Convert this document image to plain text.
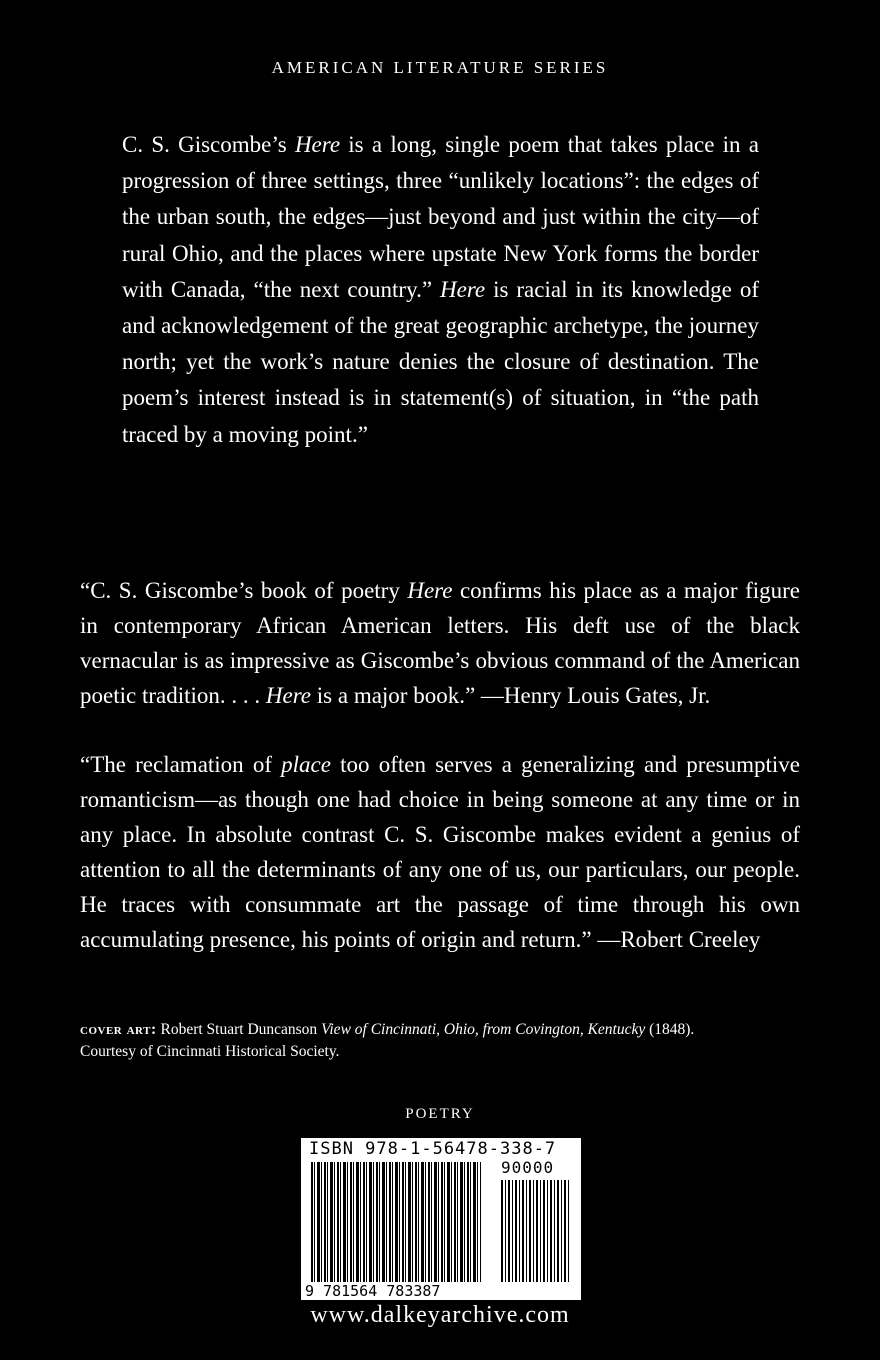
AMERICAN LITERATURE SERIES

C. S. Giscombe’s Here is a long, single poem that takes place in a progression of three settings, three “unlikely locations”: the edges of the urban south, the edges—just beyond and just within the city—of rural Ohio, and the places where upstate New York forms the border with Canada, “the next country.” Here is racial in its knowledge of and acknowledgement of the great geographic archetype, the journey north; yet the work’s nature denies the closure of destination. The poem’s interest instead is in statement(s) of situation, in “the path traced by a moving point.”

“C. S. Giscombe’s book of poetry Here confirms his place as a major figure in contemporary African American letters. His deft use of the black vernacular is as impressive as Giscombe’s obvious command of the American poetic tradition. . . . Here is a major book.” —Henry Louis Gates, Jr.

“The reclamation of place too often serves a generalizing and presumptive romanticism—as though one had choice in being someone at any time or in any place. In absolute contrast C. S. Giscombe makes evident a genius of attention to all the determinants of any one of us, our particulars, our people. He traces with consummate art the passage of time through his own accumulating presence, his points of origin and return.” —Robert Creeley

cover art: Robert Stuart Duncanson View of Cincinnati, Ohio, from Covington, Kentucky (1848).
Courtesy of Cincinnati Historical Society.
POETRY
ISBN 978-1-56478-338-7
90000
9 781564 783387
www.dalkeyarchive.com
